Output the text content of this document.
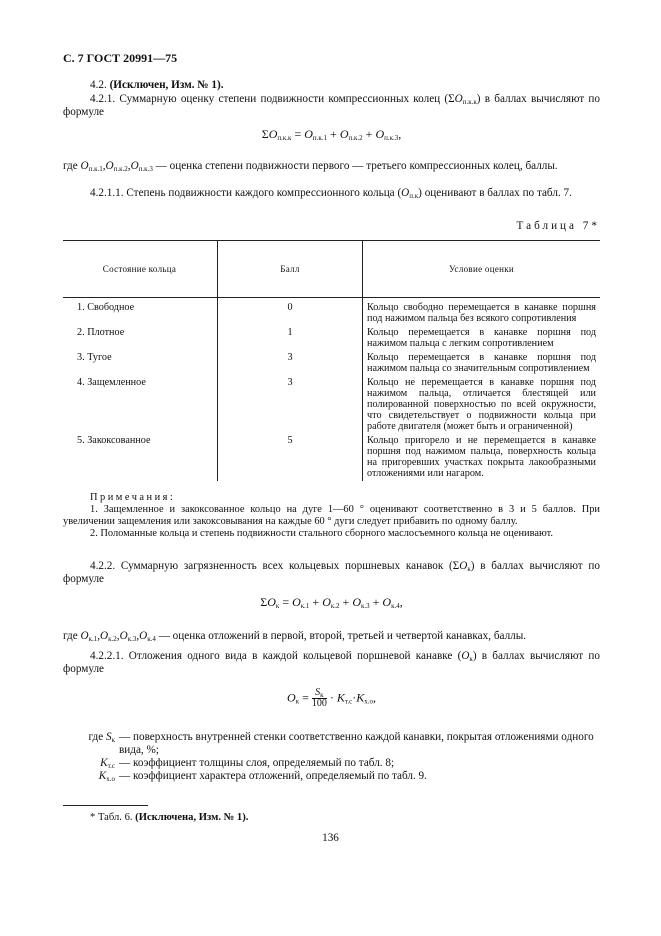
С. 7 ГОСТ 20991—75
4.2. (Исключен, Изм. № 1).
4.2.1. Суммарную оценку степени подвижности компрессионных колец $(\Sigma O_{п.к.к})$ в баллах вычисляют по формуле
$\Sigma O_{п.к.к} = O_{п.к.1} + O_{п.к.2} + O_{п.к.3}$,
где $O_{п.к.1},O_{п.к.2},O_{п.к.3}$ — оценка степени подвижности первого — третьего компрессионных колец, баллы.
4.2.1.1. Степень подвижности каждого компрессионного кольца $(O_{п.к})$ оценивают в баллах по табл. 7.
Таблица 7*
Состояние кольца	Балл	Условие оценки
1. Свободное	0	Кольцо свободно перемещается в канавке поршня под нажимом пальца без всякого сопротивления
2. Плотное	1	Кольцо перемещается в канавке поршня под нажимом пальца с легким сопротивлением
3. Тугое	3	Кольцо перемещается в канавке поршня под нажимом пальца со значительным сопротивлением
4. Защемленное	3	Кольцо не перемещается в канавке поршня под нажимом пальца, отличается блестящей или полированной поверхностью по всей окружности, что свидетельствует о подвижности кольца при работе двигателя (может быть и ограниченной)
5. Закоксованное	5	Кольцо пригорело и не перемещается в канавке поршня под нажимом пальца, поверхность кольца на пригоревших участках покрыта лакообразными отложениями или нагаром.
Примечания:
1. Защемленное и закоксованное кольцо на дуге 1—60 ° оценивают соответственно в 3 и 5 баллов. При увеличении защемления или закоксовывания на каждые 60 ° дуги следует прибавить по одному баллу.
2. Поломанные кольца и степень подвижности стального сборного маслосъемного кольца не оценивают.
4.2.2. Суммарную загрязненность всех кольцевых поршневых канавок $(\Sigma O_к)$ в баллах вычисляют по формуле
$\Sigma O_к = O_{к.1} + O_{к.2} + O_{к.3} + O_{к.4}$,
где $O_{к.1},O_{к.2},O_{к.3},O_{к.4}$ — оценка отложений в первой, второй, третьей и четвертой канавках, баллы.
4.2.2.1. Отложения одного вида в каждой кольцевой поршневой канавке $(O_к)$ в баллах вычисляют по формуле
$O_к = S_к$
$100 \cdot K_{т.с}\cdot K_{х.о}$,
где $S_к$ — поверхность внутренней стенки соответственно каждой канавки, покрытая отложениями одного вида, %;
$K_{т.с}$ — коэффициент толщины слоя, определяемый по табл. 8;
$K_{х.о}$ — коэффициент характера отложений, определяемый по табл. 9.
* Табл. 6. (Исключена, Изм. № 1).
136
